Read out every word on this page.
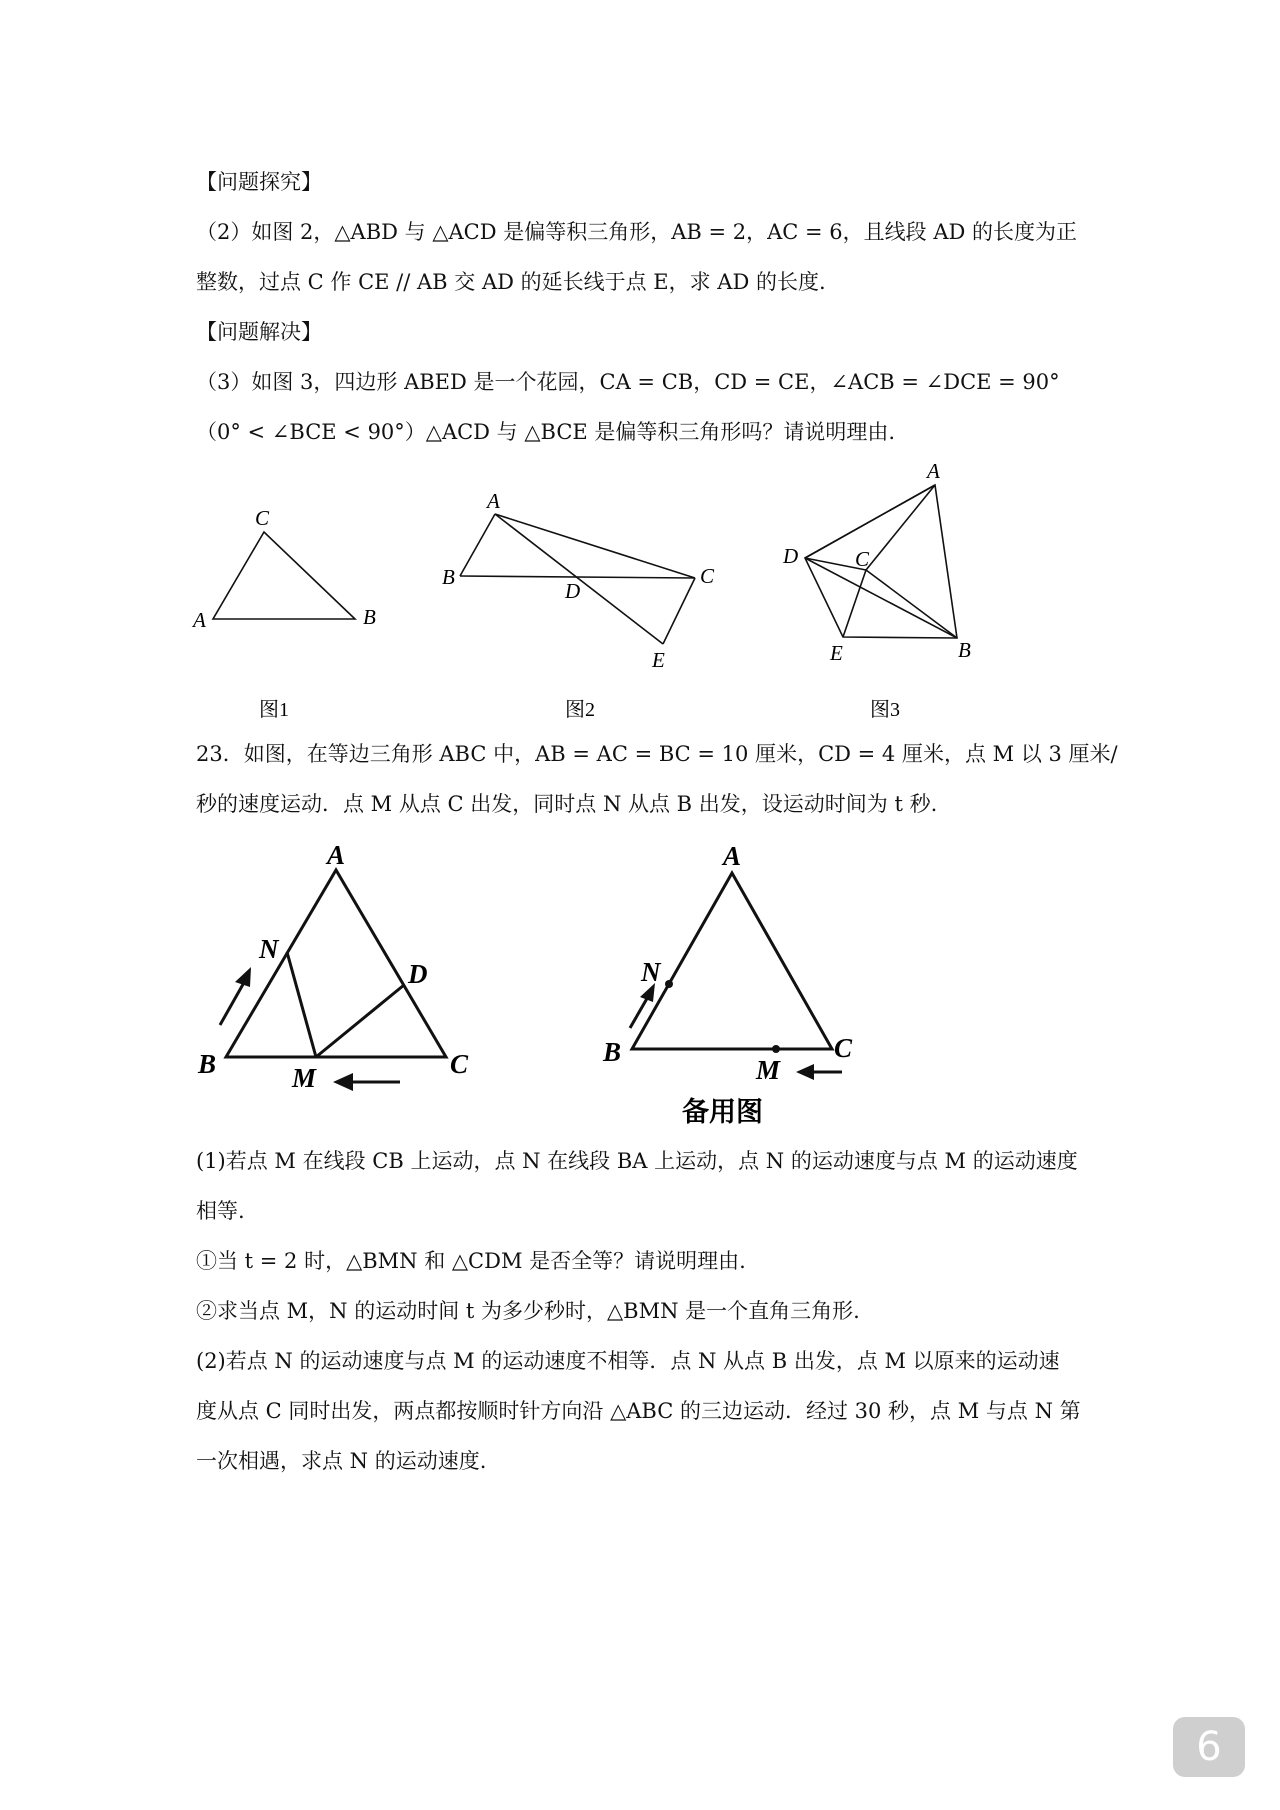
【问题探究】
（2）如图 2，△ABD 与 △ACD 是偏等积三角形，AB = 2，AC = 6，且线段 AD 的长度为正
整数，过点 C 作 CE // AB 交 AD 的延长线于点 E，求 AD 的长度.
【问题解决】
（3）如图 3，四边形 ABED 是一个花园，CA = CB，CD = CE，∠ACB = ∠DCE = 90°
（0° < ∠BCE < 90°）△ACD 与 △BCE 是偏等积三角形吗？请说明理由.
C
A	B
图1
A
B	C
D
E
图2
A
D	C
E	B
图3
23．如图，在等边三角形 ABC 中，AB = AC = BC = 10 厘米，CD = 4 厘米，点 M 以 3 厘米/
秒的速度运动．点 M 从点 C 出发，同时点 N 从点 B 出发，设运动时间为 t 秒.
A
N
D
B	C
M
A
N
B	C
M
备用图
(1)若点 M 在线段 CB 上运动，点 N 在线段 BA 上运动，点 N 的运动速度与点 M 的运动速度
相等.
①当 t = 2 时，△BMN 和 △CDM 是否全等？请说明理由.
②求当点 M，N 的运动时间 t 为多少秒时，△BMN 是一个直角三角形.
(2)若点 N 的运动速度与点 M 的运动速度不相等．点 N 从点 B 出发，点 M 以原来的运动速
度从点 C 同时出发，两点都按顺时针方向沿 △ABC 的三边运动．经过 30 秒，点 M 与点 N 第
一次相遇，求点 N 的运动速度.
6
